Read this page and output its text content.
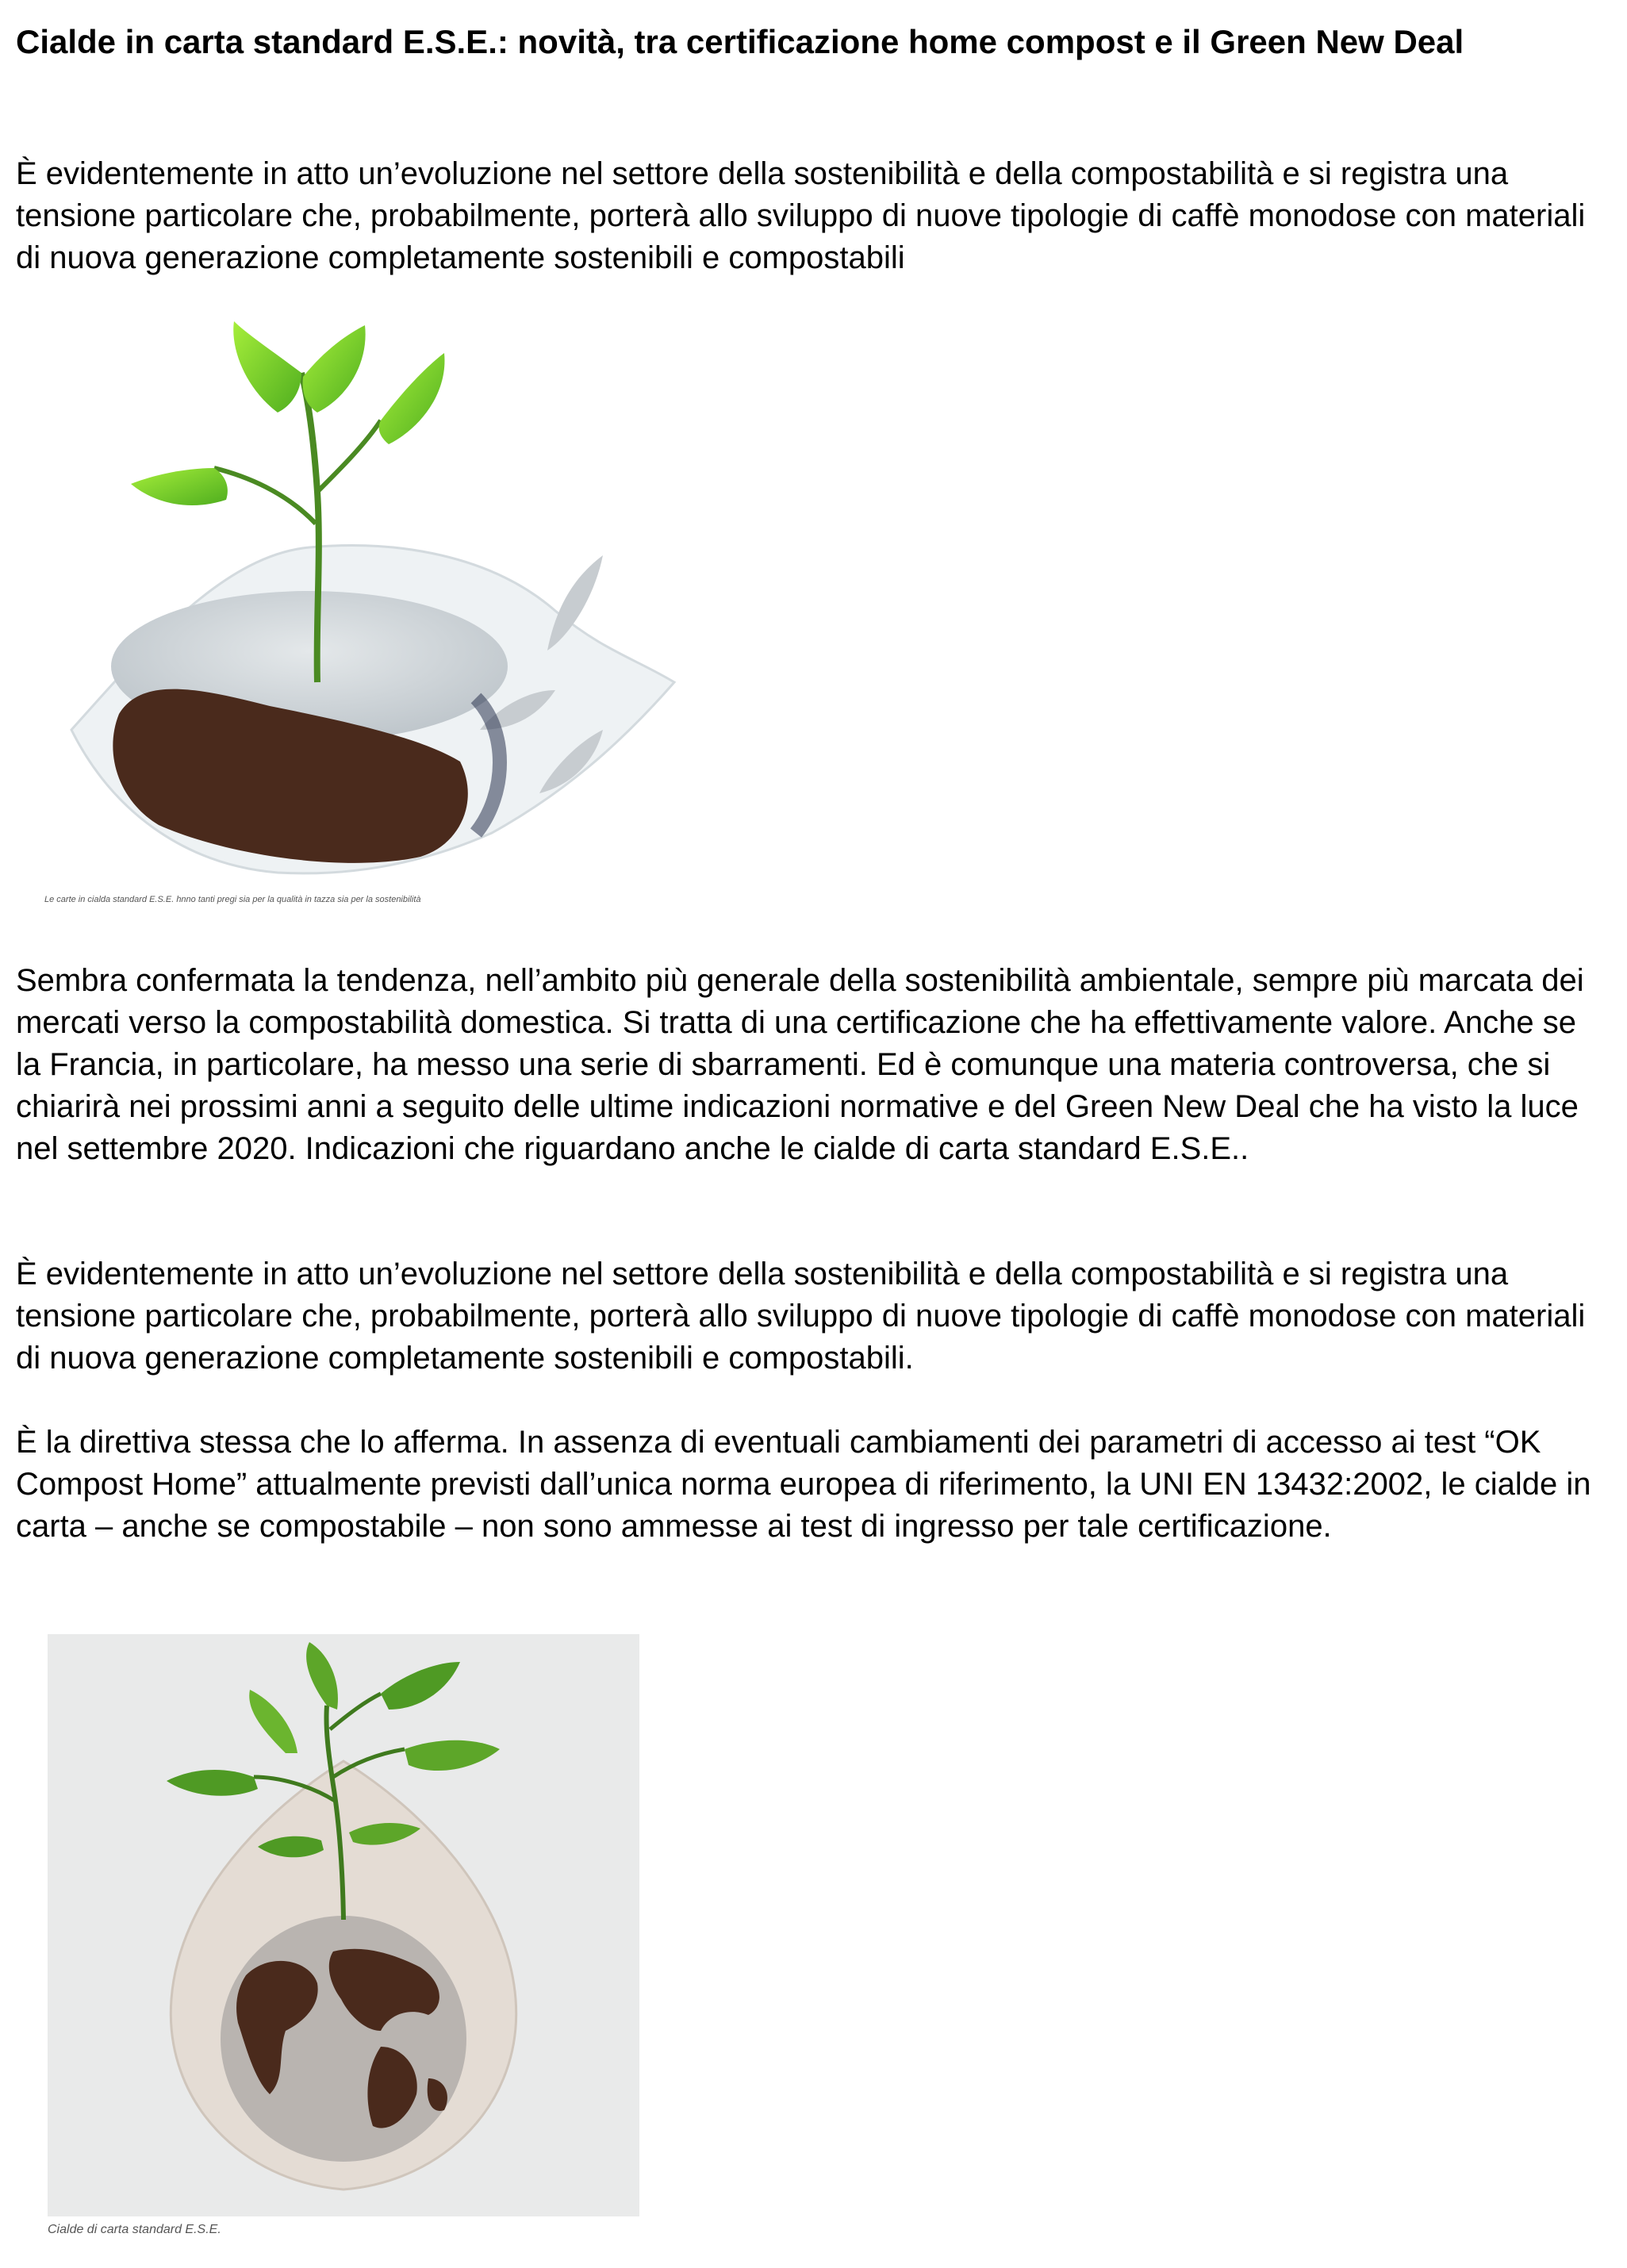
Cialde in carta standard E.S.E.: novità, tra certificazione home compost e il Green New Deal

È evidentemente in atto un’evoluzione nel settore della sostenibilità e della compostabilità e si registra una tensione particolare che, probabilmente, porterà allo sviluppo di nuove tipologie di caffè monodose con materiali di nuova generazione completamente sostenibili e compostabili

Le carte in cialda standard E.S.E. hnno tanti pregi sia per la qualità in tazza sia per la sostenibilità

Sembra confermata la tendenza, nell’ambito più generale della sostenibilità ambientale, sempre più marcata dei mercati verso la compostabilità domestica. Si tratta di una certificazione che ha effettivamente valore. Anche se la Francia, in particolare, ha messo una serie di sbarramenti. Ed è comunque una materia controversa, che si chiarirà nei prossimi anni a seguito delle ultime indicazioni normative e del Green New Deal che ha visto la luce nel settembre 2020. Indicazioni che riguardano anche le cialde di carta standard E.S.E..

È evidentemente in atto un’evoluzione nel settore della sostenibilità e della compostabilità e si registra una tensione particolare che, probabilmente, porterà allo sviluppo di nuove tipologie di caffè monodose con materiali di nuova generazione completamente sostenibili e compostabili.

È la direttiva stessa che lo afferma. In assenza di eventuali cambiamenti dei parametri di accesso ai test “OK Compost Home” attualmente previsti dall’unica norma europea di riferimento, la UNI EN 13432:2002, le cialde in carta – anche se compostabile – non sono ammesse ai test di ingresso per tale certificazione.

Cialde di carta standard E.S.E.
